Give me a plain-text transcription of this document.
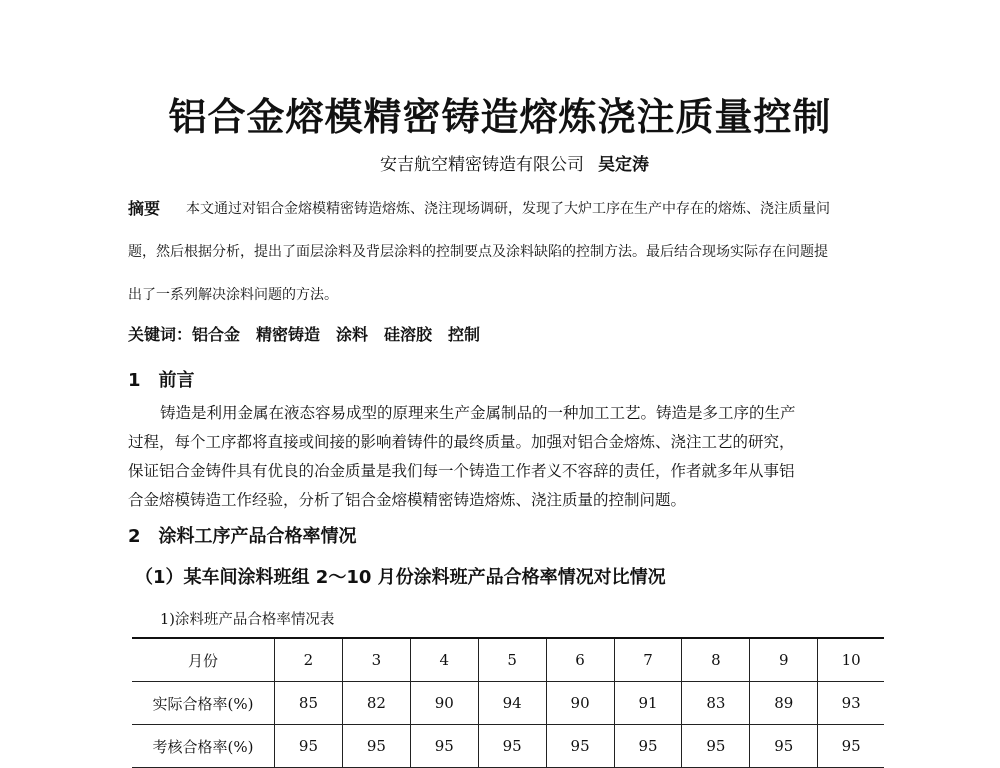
铝合金熔模精密铸造熔炼浇注质量控制
安吉航空精密铸造有限公司 吴定涛
摘要 本文通过对铝合金熔模精密铸造熔炼、浇注现场调研，发现了大炉工序在生产中存在的熔炼、浇注质量问
题，然后根据分析，提出了面层涂料及背层涂料的控制要点及涂料缺陷的控制方法。最后结合现场实际存在问题提
出了一系列解决涂料问题的方法。
关键词：铝合金　精密铸造　涂料　硅溶胶　控制
1　前言
铸造是利用金属在液态容易成型的原理来生产金属制品的一种加工工艺。铸造是多工序的生产
过程，每个工序都将直接或间接的影响着铸件的最终质量。加强对铝合金熔炼、浇注工艺的研究，
保证铝合金铸件具有优良的冶金质量是我们每一个铸造工作者义不容辞的责任，作者就多年从事铝
合金熔模铸造工作经验，分析了铝合金熔模精密铸造熔炼、浇注质量的控制问题。
2　涂料工序产品合格率情况
（1）某车间涂料班组 2～10 月份涂料班产品合格率情况对比情况
1)涂料班产品合格率情况表
月份	2	3	4	5	6	7	8	9	10
实际合格率(%)	85	82	90	94	90	91	83	89	93
考核合格率(%)	95	95	95	95	95	95	95	95	95
